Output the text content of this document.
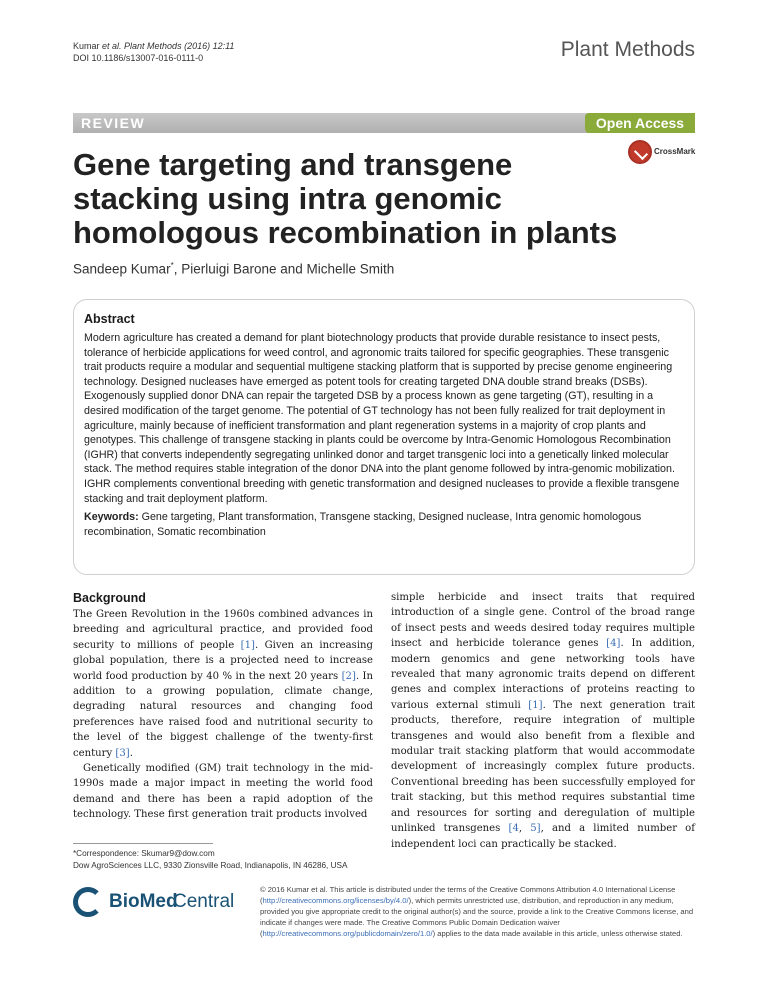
Kumar et al. Plant Methods (2016) 12:11
DOI 10.1186/s13007-016-0111-0	Plant Methods
REVIEW	Open Access
CrossMark
Gene targeting and transgene stacking using intra genomic homologous recombination in plants
Sandeep Kumar*, Pierluigi Barone and Michelle Smith
Abstract
Modern agriculture has created a demand for plant biotechnology products that provide durable resistance to insect pests, tolerance of herbicide applications for weed control, and agronomic traits tailored for specific geographies. These transgenic trait products require a modular and sequential multigene stacking platform that is supported by precise genome engineering technology. Designed nucleases have emerged as potent tools for creating targeted DNA double strand breaks (DSBs). Exogenously supplied donor DNA can repair the targeted DSB by a process known as gene targeting (GT), resulting in a desired modification of the target genome. The potential of GT technology has not been fully realized for trait deployment in agriculture, mainly because of inefficient transformation and plant regeneration systems in a majority of crop plants and genotypes. This challenge of transgene stacking in plants could be overcome by Intra-Genomic Homologous Recombination (IGHR) that converts independently segregating unlinked donor and target transgenic loci into a genetically linked molecular stack. The method requires stable integration of the donor DNA into the plant genome followed by intra-genomic mobilization. IGHR complements conventional breeding with genetic transformation and designed nucleases to provide a flexible transgene stacking and trait deployment platform.
Keywords: Gene targeting, Plant transformation, Transgene stacking, Designed nuclease, Intra genomic homologous recombination, Somatic recombination
Background

The Green Revolution in the 1960s combined advances in breeding and agricultural practice, and provided food security to millions of people [1]. Given an increasing global population, there is a projected need to increase world food production by 40 % in the next 20 years [2]. In addition to a growing population, climate change, degrading natural resources and changing food preferences have raised food and nutritional security to the level of the biggest challenge of the twenty-first century [3].

Genetically modified (GM) trait technology in the mid-1990s made a major impact in meeting the world food demand and there has been a rapid adoption of the technology. These first generation trait products involved

simple herbicide and insect traits that required introduction of a single gene. Control of the broad range of insect pests and weeds desired today requires multiple insect and herbicide tolerance genes [4]. In addition, modern genomics and gene networking tools have revealed that many agronomic traits depend on different genes and complex interactions of proteins reacting to various external stimuli [1]. The next generation trait products, therefore, require integration of multiple transgenes and would also benefit from a flexible and modular trait stacking platform that would accommodate development of increasingly complex future products. Conventional breeding has been successfully employed for trait stacking, but this method requires substantial time and resources for sorting and deregulation of multiple unlinked transgenes [4, 5], and a limited number of independent loci can practically be stacked.

*Correspondence: Skumar9@dow.com
Dow AgroSciences LLC, 9330 Zionsville Road, Indianapolis, IN 46286, USA
BioMed
Central
© 2016 Kumar et al. This article is distributed under the terms of the Creative Commons Attribution 4.0 International License (http://creativecommons.org/licenses/by/4.0/), which permits unrestricted use, distribution, and reproduction in any medium, provided you give appropriate credit to the original author(s) and the source, provide a link to the Creative Commons license, and indicate if changes were made. The Creative Commons Public Domain Dedication waiver (http://creativecommons.org/publicdomain/zero/1.0/) applies to the data made available in this article, unless otherwise stated.
